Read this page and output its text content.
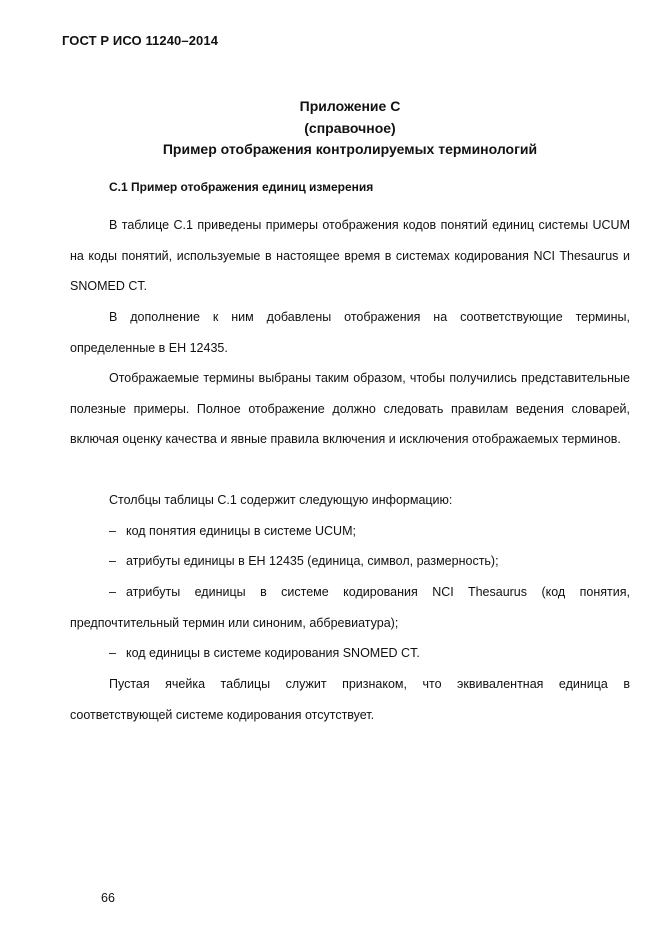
ГОСТ Р ИСО 11240–2014
Приложение С
(справочное)
Пример отображения контролируемых терминологий
С.1 Пример отображения единиц измерения
В таблице С.1 приведены примеры отображения кодов понятий единиц системы UCUM на коды понятий, используемые в настоящее время в системах кодирования NCI Thesaurus и SNOMED CT.
В дополнение к ним добавлены отображения на соответствующие термины, определенные в ЕН 12435.
Отображаемые термины выбраны таким образом, чтобы получились представительные полезные примеры. Полное отображение должно следовать правилам ведения словарей, включая оценку качества и явные правила включения и исключения отображаемых терминов.
Столбцы таблицы С.1 содержит следующую информацию:
– код понятия единицы в системе UCUM;
– атрибуты единицы в ЕН 12435 (единица, символ, размерность);
– атрибуты единицы в системе кодирования NCI Thesaurus (код понятия, предпочтительный термин или синоним, аббревиатура);
– код единицы в системе кодирования SNOMED CT.
Пустая ячейка таблицы служит признаком, что эквивалентная единица в соответствующей системе кодирования отсутствует.
66
